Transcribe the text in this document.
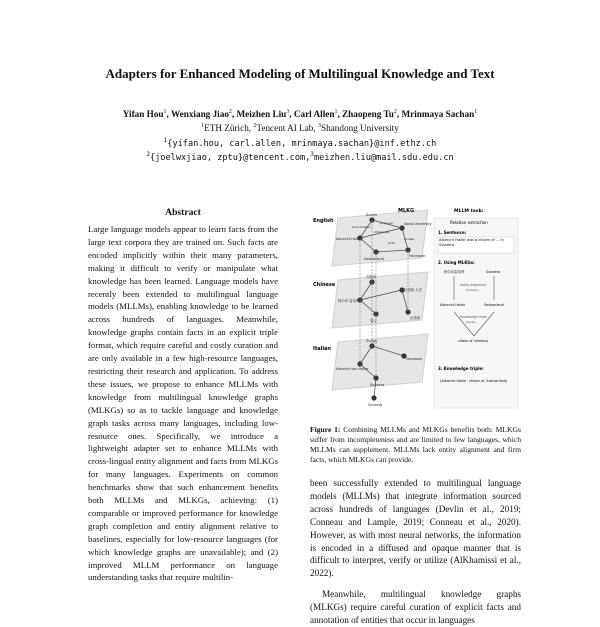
Adapters for Enhanced Modeling of Multilingual Knowledge and Text
Yifan Hou$^1$, Wenxiang Jiao$^2$, Meizhen Liu$^3$, Carl Allen$^1$, Zhaopeng Tu$^2$, Mrinmaya Sachan$^1$
$^1$ETH Zürich, $^2$Tencent AI Lab, $^3$Shandong University
$^1${yifan.hou, carl.allen, mrinmaya.sachan}@inf.ethz.ch
$^2${joelwxjiao, zptu}@tencent.com,$^3$meizhen.liu@mail.sdu.edu.cn
Abstract

Large language models appear to learn facts from the large text corpora they are trained on. Such facts are encoded implicitly within their many parameters, making it difficult to verify or manipulate what knowledge has been learned. Language models have recently been extended to multilingual language models (MLLMs), enabling knowledge to be learned across hundreds of languages. Meanwhile, knowledge graphs contain facts in an explicit triple format, which require careful and costly curation and are only available in a few high-resource languages, restricting their research and application. To address these issues, we propose to enhance MLLMs with knowledge from multilingual knowledge graphs (MLKGs) so as to tackle language and knowledge graph tasks across many languages, including low-resource ones. Specifically, we introduce a lightweight adapter set to enhance MLLMs with cross-lingual entity alignment and facts from MLKGs for many languages. Experiments on common benchmarks show that such enhancement benefits both MLLMs and MLKGs, achieving: (1) comparable or improved performance for knowledge graph completion and entity alignment relative to baselines, especially for low-resource languages (for which knowledge graphs are unavailable); and (2) improved MLLM performance on language understanding tasks that require multilin-

MLKG
English
Chinese
Italian
Zurich
Albrecht Haller
Switzerland
Swiss University
Hannover
work location
citizenship
employer
birth
located
苏黎世
阿尔布 雷希特
瑞士
汉诺威 大学
汉诺威
Zurigo
Albrecht von Haller
Svizzera
Hannover
Svizzera
MLLM task:
Relation extraction
1. Sentence:
Albrecht Haller was a citizen of ... in Svizzera.
2. Using MLKGs:
阿尔布雷希特	Svizzera
entity alignment
(hidden)
Albrecht Haller	Switzerland
Knowledge triple
(facts)
citizen of (relation)
3. Knowledge triple:
(Albrecht Haller, citizen of, Switzerland)

Figure 1: Combining MLLMs and MLKGs benefits both: MLKGs suffer from incompleteness and are limited to few languages, which MLLMs can supplement. MLLMs lack entity alignment and firm facts, which MLKGs can provide.

been successfully extended to multilingual language models (MLLMs) that integrate information sourced across hundreds of languages (Devlin et al., 2019; Conneau and Lample, 2019; Conneau et al., 2020). However, as with most neural networks, the information is encoded in a diffused and opaque manner that is difficult to interpret, verify or utilize (AlKhamissi et al., 2022).

Meanwhile, multilingual knowledge graphs (MLKGs) require careful curation of explicit facts and annotation of entities that occur in languages
